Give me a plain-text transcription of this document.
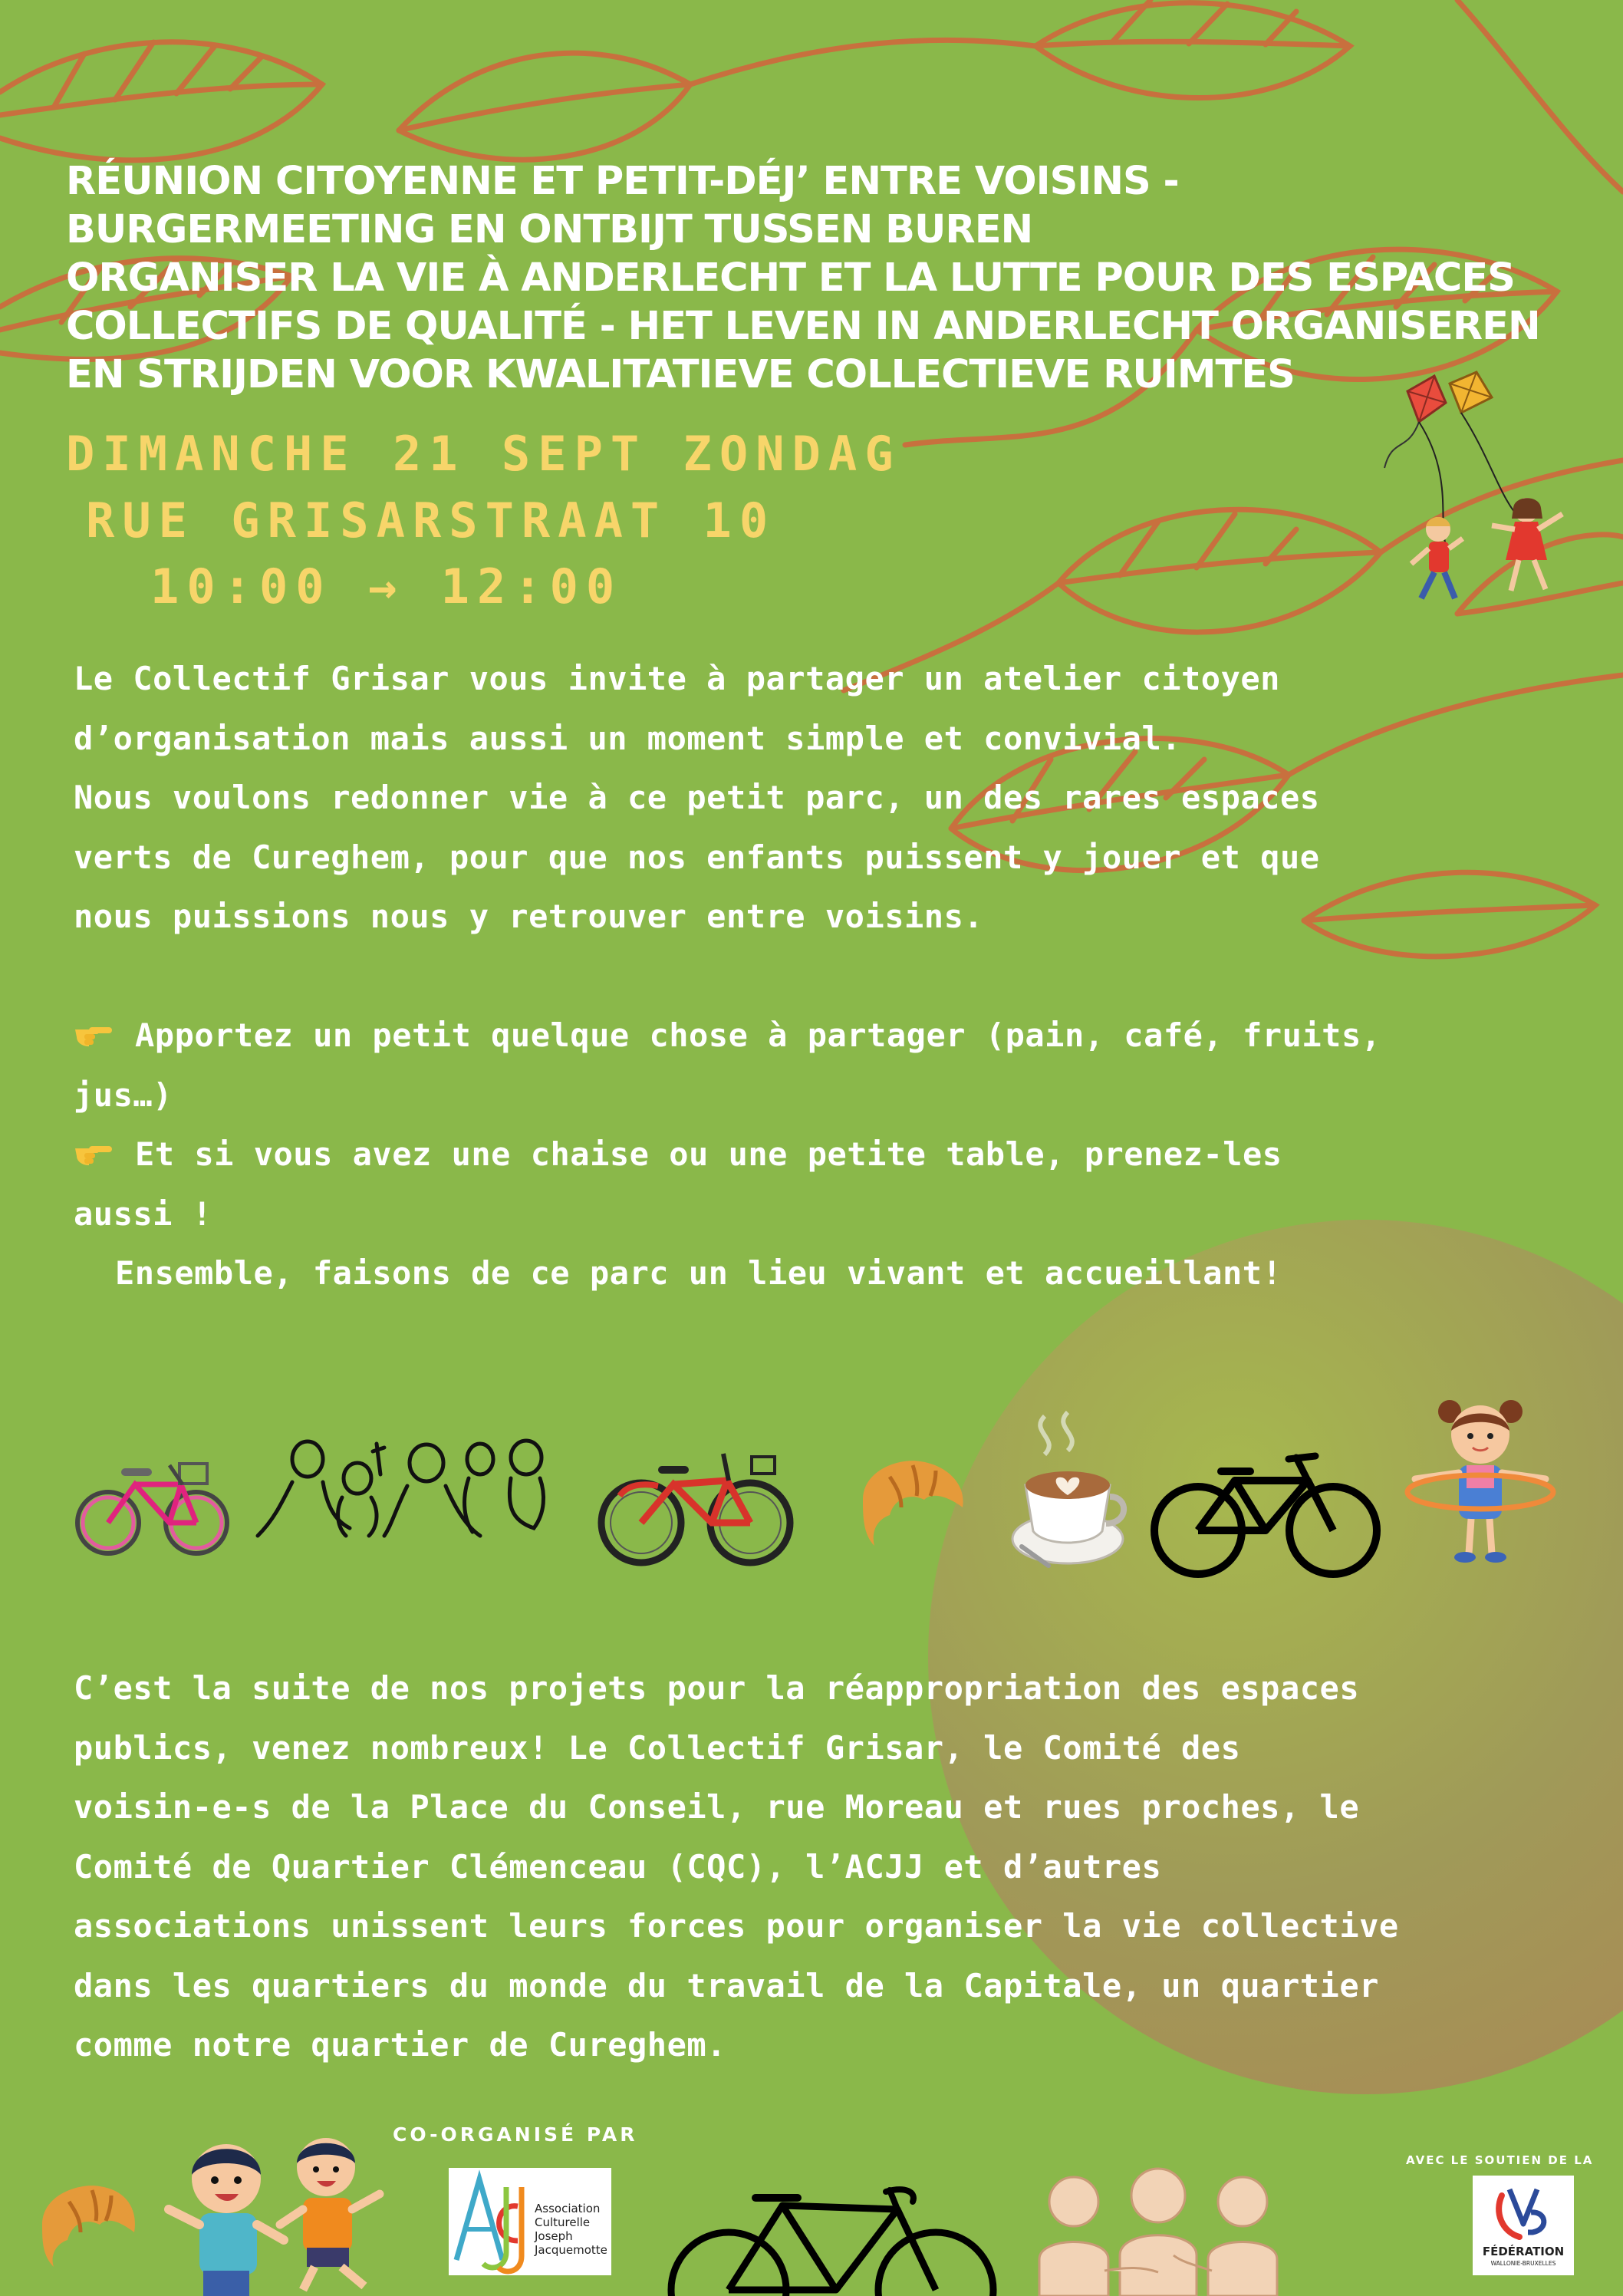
RÉUNION CITOYENNE ET PETIT-DÉJ’ ENTRE VOISINS -
BURGERMEETING EN ONTBIJT TUSSEN BUREN
ORGANISER LA VIE À ANDERLECHT ET LA LUTTE POUR DES ESPACES
COLLECTIFS DE QUALITÉ - HET LEVEN IN ANDERLECHT ORGANISEREN
EN STRIJDEN VOOR KWALITATIEVE COLLECTIEVE RUIMTES
DIMANCHE 21 SEPT ZONDAG
RUE GRISARSTRAAT 10
10:00 → 12:00

Le Collectif Grisar vous invite à partager un atelier citoyen

d’organisation mais aussi un moment simple et convivial.

Nous voulons redonner vie à ce petit parc, un des rares espaces

verts de Cureghem, pour que nos enfants puissent y jouer et que

nous puissions nous y retrouver entre voisins.

Apportez un petit quelque chose à partager (pain, café, fruits,

jus…)

Et si vous avez une chaise ou une petite table, prenez-les

aussi !

Ensemble, faisons de ce parc un lieu vivant et accueillant!

C’est la suite de nos projets pour la réappropriation des espaces

publics, venez nombreux! Le Collectif Grisar, le Comité des

voisin-e-s de la Place du Conseil, rue Moreau et rues proches, le

Comité de Quartier Clémenceau (CQC), l’ACJJ et d’autres

associations unissent leurs forces pour organiser la vie collective

dans les quartiers du monde du travail de la Capitale, un quartier

comme notre quartier de Cureghem.

CO-ORGANISÉ PAR
AVEC LE SOUTIEN DE LA
Association
Culturelle
Joseph
Jacquemotte	FÉDÉRATION
WALLONIE-BRUXELLES
